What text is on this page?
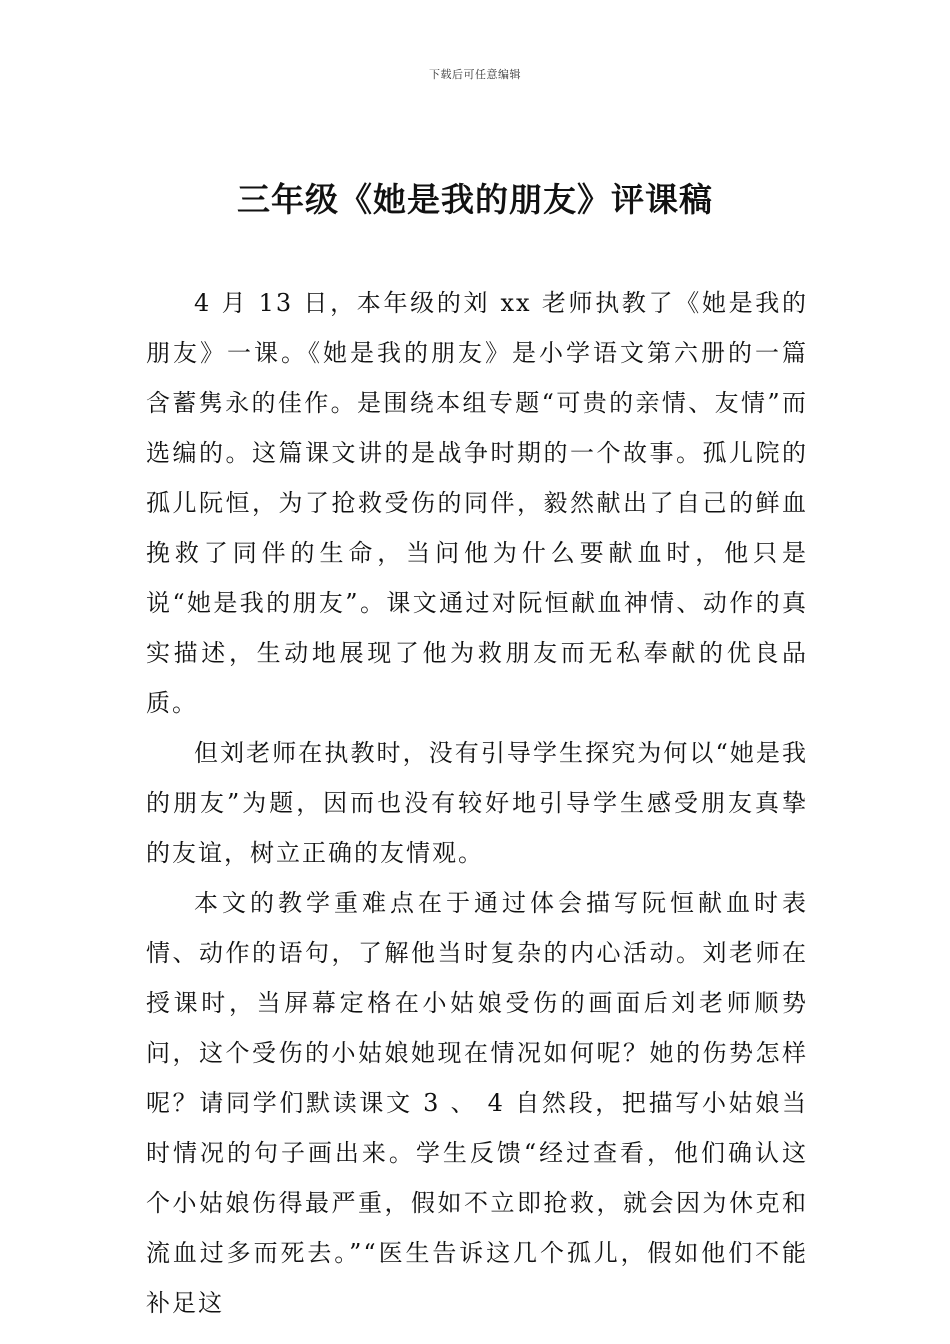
下载后可任意编辑
三年级《她是我的朋友》评课稿

4 月 13 日，本年级的刘 xx 老师执教了《她是我的朋友》一课。《她是我的朋友》是小学语文第六册的一篇含蓄隽永的佳作。是围绕本组专题“可贵的亲情、友情”而选编的。这篇课文讲的是战争时期的一个故事。孤儿院的孤儿阮恒，为了抢救受伤的同伴，毅然献出了自己的鲜血挽救了同伴的生命，当问他为什么要献血时，他只是说“她是我的朋友”。课文通过对阮恒献血神情、动作的真实描述，生动地展现了他为救朋友而无私奉献的优良品质。

但刘老师在执教时，没有引导学生探究为何以“她是我的朋友”为题，因而也没有较好地引导学生感受朋友真挚的友谊，树立正确的友情观。

本文的教学重难点在于通过体会描写阮恒献血时表情、动作的语句，了解他当时复杂的内心活动。刘老师在授课时，当屏幕定格在小姑娘受伤的画面后刘老师顺势问，这个受伤的小姑娘她现在情况如何呢？她的伤势怎样呢？请同学们默读课文 3 、 4 自然段，把描写小姑娘当时情况的句子画出来。学生反馈“经过查看，他们确认这个小姑娘伤得最严重，假如不立即抢救，就会因为休克和流血过多而死去。”“医生告诉这几个孤儿，假如他们不能补足这
